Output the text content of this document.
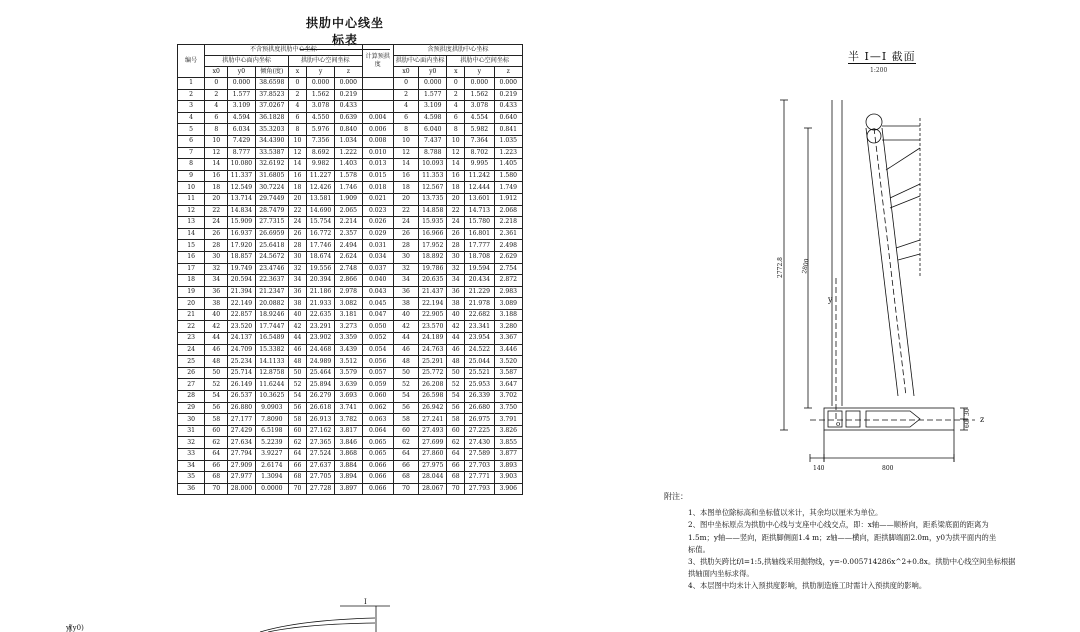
拱肋中心线坐标表
编号	不含预拱度拱肋中心坐标						计算预拱度	含预拱度拱肋中心坐标				
	拱肋中心面内坐标			拱肋中心空间坐标				拱肋中心面内坐标		拱肋中心空间坐标		
	x0	y0	倾角(度)	x	y	z		x0	y0	x	y	z
1	0	0.000	38.6598	0	0.000	0.000		0	0.000	0	0.000	0.000
2	2	1.577	37.8523	2	1.562	0.219		2	1.577	2	1.562	0.219
3	4	3.109	37.0267	4	3.078	0.433		4	3.109	4	3.078	0.433
4	6	4.594	36.1828	6	4.550	0.639	0.004	6	4.598	6	4.554	0.640
5	8	6.034	35.3203	8	5.976	0.840	0.006	8	6.040	8	5.982	0.841
6	10	7.429	34.4390	10	7.356	1.034	0.008	10	7.437	10	7.364	1.035
7	12	8.777	33.5387	12	8.692	1.222	0.010	12	8.788	12	8.702	1.223
8	14	10.080	32.6192	14	9.982	1.403	0.013	14	10.093	14	9.995	1.405
9	16	11.337	31.6805	16	11.227	1.578	0.015	16	11.353	16	11.242	1.580
10	18	12.549	30.7224	18	12.426	1.746	0.018	18	12.567	18	12.444	1.749
11	20	13.714	29.7449	20	13.581	1.909	0.021	20	13.735	20	13.601	1.912
12	22	14.834	28.7479	22	14.690	2.065	0.023	22	14.858	22	14.713	2.068
13	24	15.909	27.7315	24	15.754	2.214	0.026	24	15.935	24	15.780	2.218
14	26	16.937	26.6959	26	16.772	2.357	0.029	26	16.966	26	16.801	2.361
15	28	17.920	25.6418	28	17.746	2.494	0.031	28	17.952	28	17.777	2.498
16	30	18.857	24.5672	30	18.674	2.624	0.034	30	18.892	30	18.708	2.629
17	32	19.749	23.4746	32	19.556	2.748	0.037	32	19.786	32	19.594	2.754
18	34	20.594	22.3637	34	20.394	2.866	0.040	34	20.635	34	20.434	2.872
19	36	21.394	21.2347	36	21.186	2.978	0.043	36	21.437	36	21.229	2.983
20	38	22.149	20.0882	38	21.933	3.082	0.045	38	22.194	38	21.978	3.089
21	40	22.857	18.9246	40	22.635	3.181	0.047	40	22.905	40	22.682	3.188
22	42	23.520	17.7447	42	23.291	3.273	0.050	42	23.570	42	23.341	3.280
23	44	24.137	16.5489	44	23.902	3.359	0.052	44	24.189	44	23.954	3.367
24	46	24.709	15.3382	46	24.468	3.439	0.054	46	24.763	46	24.522	3.446
25	48	25.234	14.1133	48	24.989	3.512	0.056	48	25.291	48	25.044	3.520
26	50	25.714	12.8758	50	25.464	3.579	0.057	50	25.772	50	25.521	3.587
27	52	26.149	11.6244	52	25.894	3.639	0.059	52	26.208	52	25.953	3.647
28	54	26.537	10.3625	54	26.279	3.693	0.060	54	26.598	54	26.339	3.702
29	56	26.880	9.0903	56	26.618	3.741	0.062	56	26.942	56	26.680	3.750
30	58	27.177	7.8090	58	26.913	3.782	0.063	58	27.241	58	26.975	3.791
31	60	27.429	6.5198	60	27.162	3.817	0.064	60	27.493	60	27.225	3.826
32	62	27.634	5.2239	62	27.365	3.846	0.065	62	27.699	62	27.430	3.855
33	64	27.794	3.9227	64	27.524	3.868	0.065	64	27.860	64	27.589	3.877
34	66	27.909	2.6174	66	27.637	3.884	0.066	66	27.975	66	27.703	3.893
35	68	27.977	1.3094	68	27.705	3.894	0.066	68	28.044	68	27.771	3.903
36	70	28.000	0.0000	70	27.728	3.897	0.066	70	28.067	70	27.793	3.906
半 I—I 截面
1:200
2772.8	2800
140	800
30
60
y
z
o
附注：
1、本图单位除标高和坐标值以米计，其余均以厘米为单位。
2、图中坐标原点为拱肋中心线与支座中心线交点，即：x轴——顺桥向，距系梁底面的距离为
1.5m；y轴——竖向，距拱脚侧面1.4 m；z轴——横向，距拱脚端面2.0m，y0为拱平面内的坐
标值。
3、拱肋矢跨比f/l=1:5,拱轴线采用抛物线，y=-0.005714286x^2+0.8x。拱肋中心线空间坐标根据
拱轴面内坐标求得。
4、本层图中均未计入预拱度影响，拱肋制造施工时需计入预拱度的影响。
y(y0)
I
